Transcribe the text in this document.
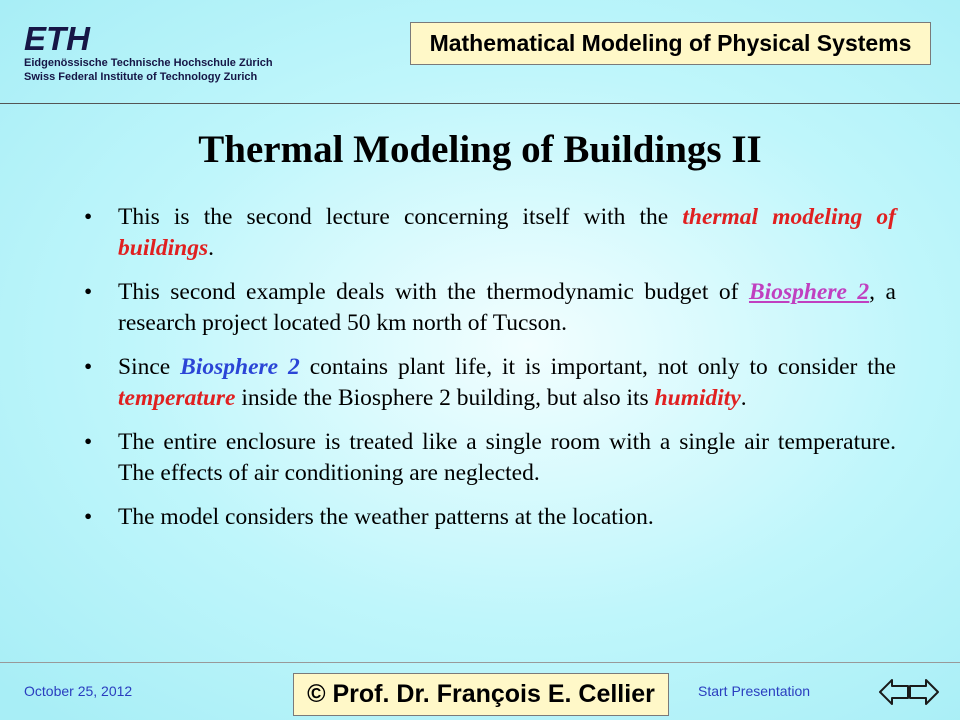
ETH
Eidgenössische Technische Hochschule Zürich
Swiss Federal Institute of Technology Zurich
Mathematical Modeling of Physical Systems
Thermal Modeling of Buildings II
• This is the second lecture concerning itself with the thermal modeling of buildings.
• This second example deals with the thermodynamic budget of Biosphere 2, a research project located 50 km north of Tucson.
• Since Biosphere 2 contains plant life, it is important, not only to consider the temperature inside the Biosphere 2 building, but also its humidity.
• The entire enclosure is treated like a single room with a single air temperature. The effects of air conditioning are neglected.
• The model considers the weather patterns at the location.
October 25, 2012	© Prof. Dr. François E. Cellier	Start Presentation
